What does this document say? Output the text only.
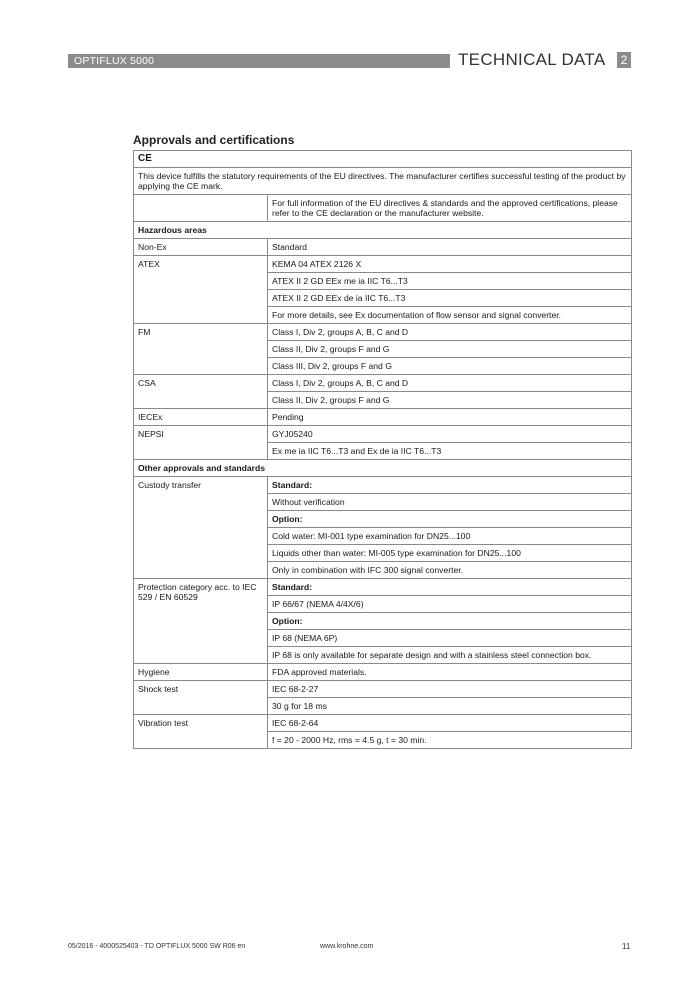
OPTIFLUX 5000	TECHNICAL DATA	2
Approvals and certifications
CE	
This device fulfills the statutory requirements of the EU directives. The manufacturer certifies successful testing of the product by applying the CE mark.	
	For full information of the EU directives & standards and the approved certifications, please refer to the CE declaration or the manufacturer website.
Hazardous areas	
Non-Ex	Standard
ATEX	KEMA 04 ATEX 2126 X
	ATEX II 2 GD EEx me ia IIC T6...T3
	ATEX II 2 GD EEx de ia IIC T6...T3
	For more details, see Ex documentation of flow sensor and signal converter.
FM	Class I, Div 2, groups A, B, C and D
	Class II, Div 2, groups F and G
	Class III, Div 2, groups F and G
CSA	Class I, Div 2, groups A, B, C and D
	Class II, Div 2, groups F and G
IECEx	Pending
NEPSI	GYJ05240
	Ex me ia IIC T6...T3 and Ex de ia IIC T6...T3
Other approvals and standards	
Custody transfer	Standard:
	Without verification
	Option:
	Cold water: MI-001 type examination for DN25...100
	Liquids other than water: MI-005 type examination for DN25...100
	Only in combination with IFC 300 signal converter.
Protection category acc. to IEC 529 / EN 60529	Standard:
	IP 66/67 (NEMA 4/4X/6)
	Option:
	IP 68 (NEMA 6P)
	IP 68 is only available for separate design and with a stainless steel connection box.
Hygiene	FDA approved materials.
Shock test	IEC 68-2-27
	30 g for 18 ms
Vibration test	IEC 68-2-64
	f = 20 - 2000 Hz, rms = 4.5 g, t = 30 min.
05/2016 - 4000525403 - TD OPTIFLUX 5000 SW R06 en	www.krohne.com	11
